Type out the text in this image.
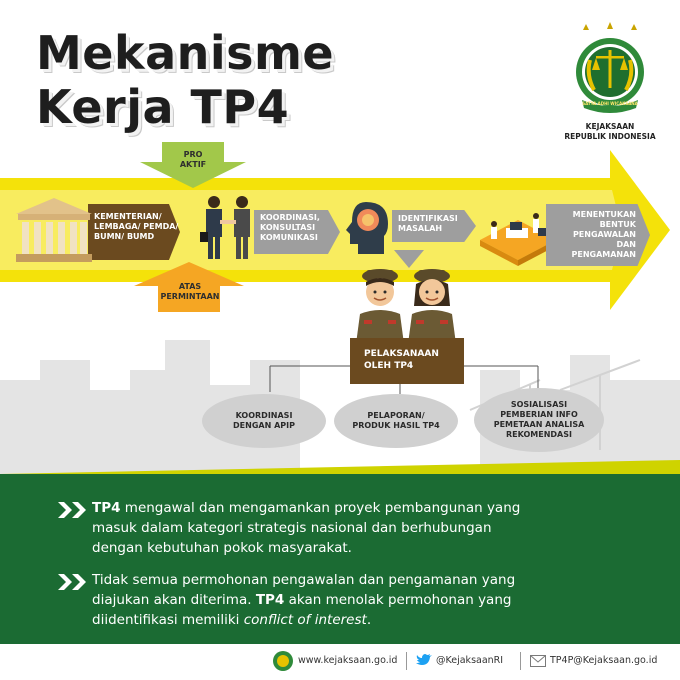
Mekanisme
Kerja TP4	SATYA ADHI WICAKSANA
KEJAKSAAN
REPUBLIK INDONESIA
PRO
AKTIF
ATAS
PERMINTAAN
KEMENTERIAN/
LEMBAGA/ PEMDA/
BUMN/ BUMD
KOORDINASI,
KONSULTASI
KOMUNIKASI
IDENTIFIKASI
MASALAH
MENENTUKAN
BENTUK
PENGAWALAN
DAN PENGAMANAN
PELAKSANAAN
OLEH TP4
KOORDINASI
DENGAN APIP
PELAPORAN/
PRODUK HASIL TP4
SOSIALISASI
PEMBERIAN INFO
PEMETAAN ANALISA
REKOMENDASI
TP4 mengawal dan mengamankan proyek pembangunan yang
masuk dalam kategori strategis nasional dan berhubungan
dengan kebutuhan pokok masyarakat.
Tidak semua permohonan pengawalan dan pengamanan yang
diajukan akan diterima. TP4 akan menolak permohonan yang
diidentifikasi memiliki conflict of interest.
www.kejaksaan.go.id	@KejaksaanRI	TP4P@Kejaksaan.go.id
